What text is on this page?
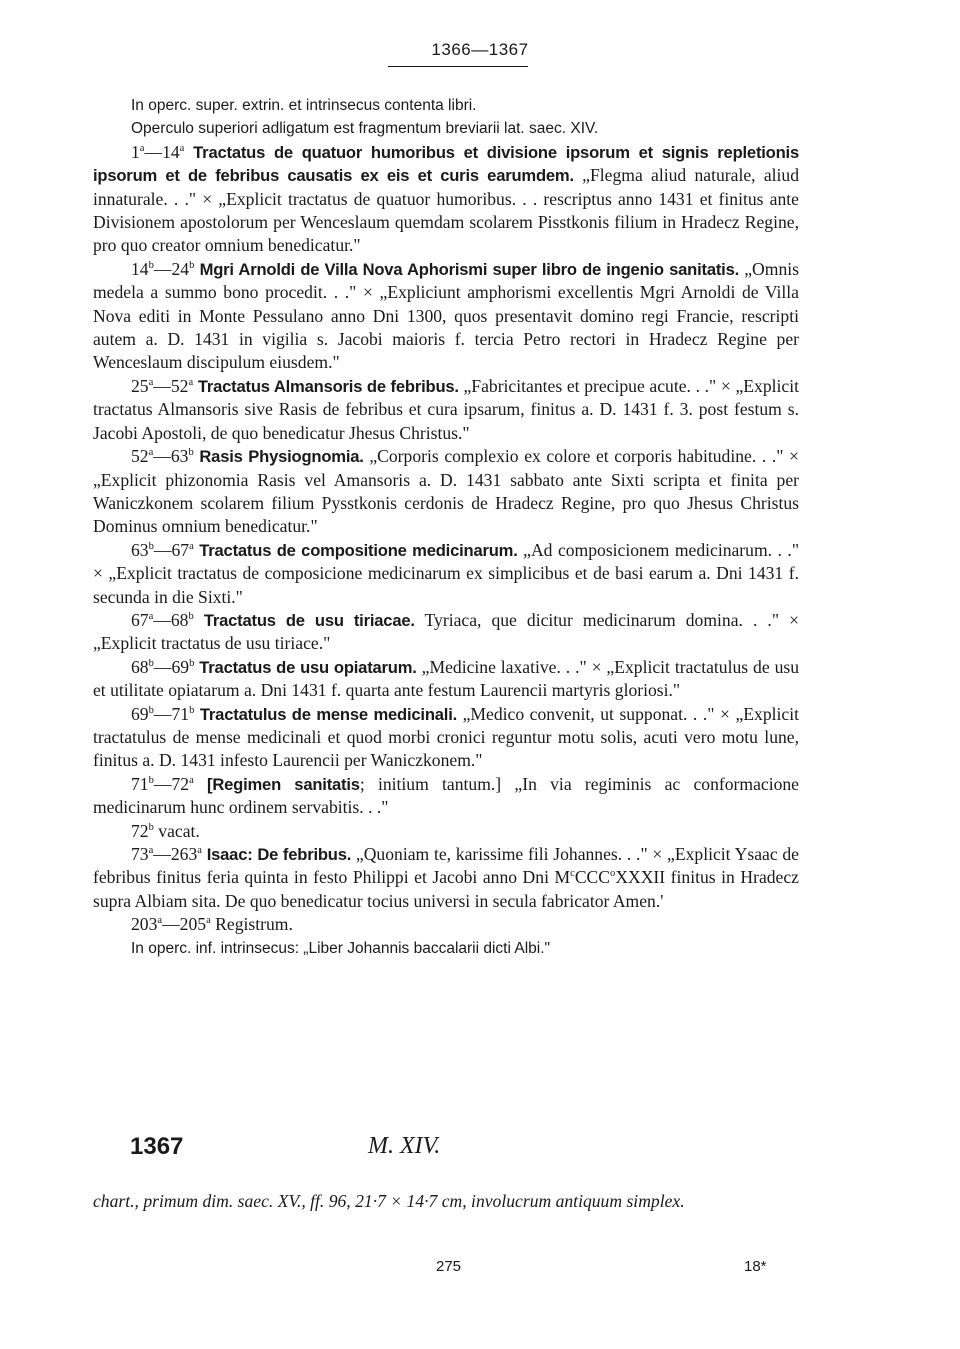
1366—1367

In operc. super. extrin. et intrinsecus contenta libri.

Operculo superiori adligatum est fragmentum breviarii lat. saec. XIV.

1$^a$—14$^a$ Tractatus de quatuor humoribus et divisione ipsorum et signis repletionis ipsorum et de febribus causatis ex eis et curis earumdem. „Flegma aliud naturale, aliud innaturale. . ." × „Explicit tractatus de quatuor humoribus. . . rescriptus anno 1431 et finitus ante Divisionem apostolorum per Wenceslaum quemdam scolarem Pisstkonis filium in Hradecz Regine, pro quo creator omnium benedicatur."

14$^b$—24$^b$ Mgri Arnoldi de Villa Nova Aphorismi super libro de ingenio sanitatis. „Omnis medela a summo bono procedit. . ." × „Expliciunt amphorismi excellentis Mgri Arnoldi de Villa Nova editi in Monte Pessulano anno Dni 1300, quos presentavit domino regi Francie, rescripti autem a. D. 1431 in vigilia s. Jacobi maioris f. tercia Petro rectori in Hradecz Regine per Wenceslaum discipulum eiusdem."

25$^a$—52$^a$ Tractatus Almansoris de febribus. „Fabricitantes et precipue acute. . ." × „Explicit tractatus Almansoris sive Rasis de febribus et cura ipsarum, finitus a. D. 1431 f. 3. post festum s. Jacobi Apostoli, de quo benedicatur Jhesus Christus."

52$^a$—63$^b$ Rasis Physiognomia. „Corporis complexio ex colore et corporis habitudine. . ." × „Explicit phizonomia Rasis vel Amansoris a. D. 1431 sabbato ante Sixti scripta et finita per Waniczkonem scolarem filium Pysstkonis cerdonis de Hradecz Regine, pro quo Jhesus Christus Dominus omnium benedicatur."

63$^b$—67$^a$ Tractatus de compositione medicinarum. „Ad composicionem medicinarum. . ." × „Explicit tractatus de composicione medicinarum ex simplicibus et de basi earum a. Dni 1431 f. secunda in die Sixti."

67$^a$—68$^b$ Tractatus de usu tiriacae. Tyriaca, que dicitur medicinarum domina. . ." × „Explicit tractatus de usu tiriace."

68$^b$—69$^b$ Tractatus de usu opiatarum. „Medicine laxative. . ." × „Explicit tractatulus de usu et utilitate opiatarum a. Dni 1431 f. quarta ante festum Laurencii martyris gloriosi."

69$^b$—71$^b$ Tractatulus de mense medicinali. „Medico convenit, ut supponat. . ." × „Explicit tractatulus de mense medicinali et quod morbi cronici reguntur motu solis, acuti vero motu lune, finitus a. D. 1431 infesto Laurencii per Waniczkonem."

71$^b$—72$^a$ [Regimen sanitatis; initium tantum.] „In via regiminis ac conformacione medicinarum hunc ordinem servabitis. . ."

72$^b$ vacat.

73$^a$—263$^a$ Isaac: De febribus. „Quoniam te, karissime fili Johannes. . ." × „Explicit Ysaac de febribus finitus feria quinta in festo Philippi et Jacobi anno Dni $M^cCCC^oXXXII$ finitus in Hradecz supra Albiam sita. De quo benedicatur tocius universi in secula fabricator Amen.'

203$^a$—205$^a$ Registrum.

In operc. inf. intrinsecus: „Liber Johannis baccalarii dicti Albi."

1367	M. XIV.

chart., primum dim. saec. XV., ff. 96, 21·7 × 14·7 cm, involucrum antiquum simplex.

275	18*
